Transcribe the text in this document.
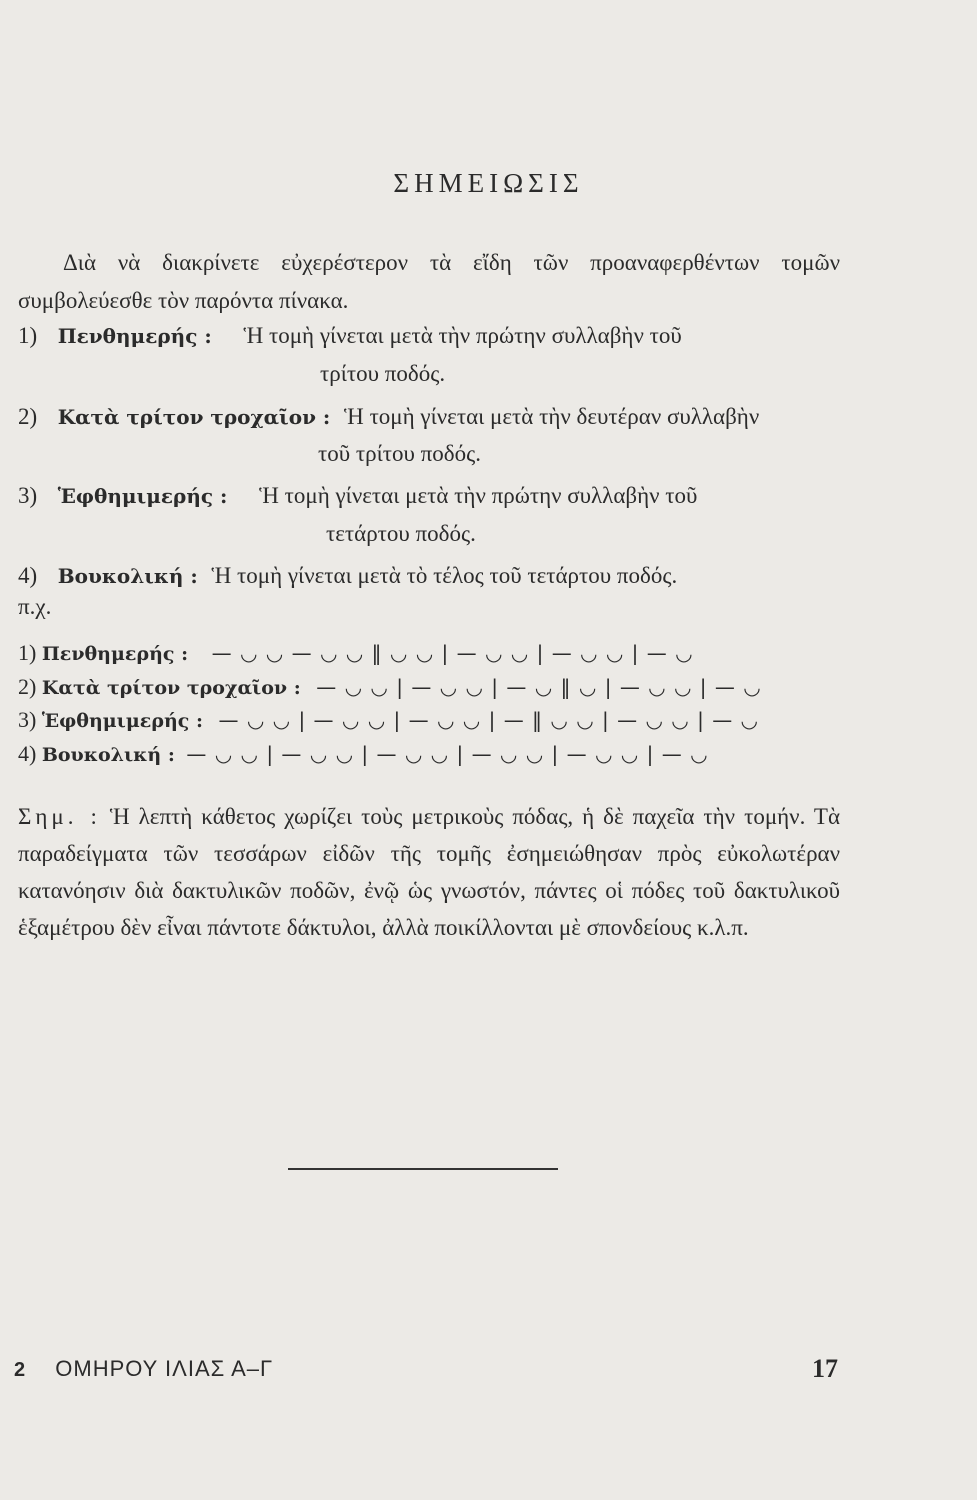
ΣΗΜΕΙΩΣΙΣ
Διὰ νὰ διακρίνετε εὐχερέστερον τὰ εἴδη τῶν προαναφερθέντων τομῶν συμβολεύεσθε τὸν παρόντα πίνακα.
1) Πενθημερής : Ἡ τομὴ γίνεται μετὰ τὴν πρώτην συλλαβὴν τοῦ
τρίτου ποδός.
2) Κατὰ τρίτον τροχαῖον : Ἡ τομὴ γίνεται μετὰ τὴν δευτέραν συλλαβὴν
τοῦ τρίτου ποδός.
3) Ἑφθημιμερής : Ἡ τομὴ γίνεται μετὰ τὴν πρώτην συλλαβὴν τοῦ
τετάρτου ποδός.
4) Βουκολική : Ἡ τομὴ γίνεται μετὰ τὸ τέλος τοῦ τετάρτου ποδός.
π.χ.
1) Πενθημερής : — ◡ ◡ — ◡ ◡ ‖ ◡ ◡ | — ◡ ◡ | — ◡ ◡ | — ◡
2) Κατὰ τρίτον τροχαῖον : — ◡ ◡ | — ◡ ◡ | — ◡ ‖ ◡ | — ◡ ◡ | — ◡
3) Ἑφθημιμερής : — ◡ ◡ | — ◡ ◡ | — ◡ ◡ | — ‖ ◡ ◡ | — ◡ ◡ | — ◡
4) Βουκολική : — ◡ ◡ | — ◡ ◡ | — ◡ ◡ | — ◡ ◡ | — ◡ ◡ | — ◡
Σημ. : Ἡ λεπτὴ κάθετος χωρίζει τοὺς μετρικοὺς πόδας, ἡ δὲ παχεῖα τὴν τομήν. Τὰ παραδείγματα τῶν τεσσάρων εἰδῶν τῆς τομῆς ἐσημειώθησαν πρὸς εὐκολωτέραν κατανόησιν διὰ δακτυλικῶν ποδῶν, ἐνῷ ὡς γνωστόν, πάντες οἱ πόδες τοῦ δακτυλικοῦ ἑξαμέτρου δὲν εἶναι πάντοτε δάκτυλοι, ἀλλὰ ποικίλλονται μὲ σπονδείους κ.λ.π.
2 ΟΜΗΡΟΥ ΙΛΙΑΣ Α–Γ	17
